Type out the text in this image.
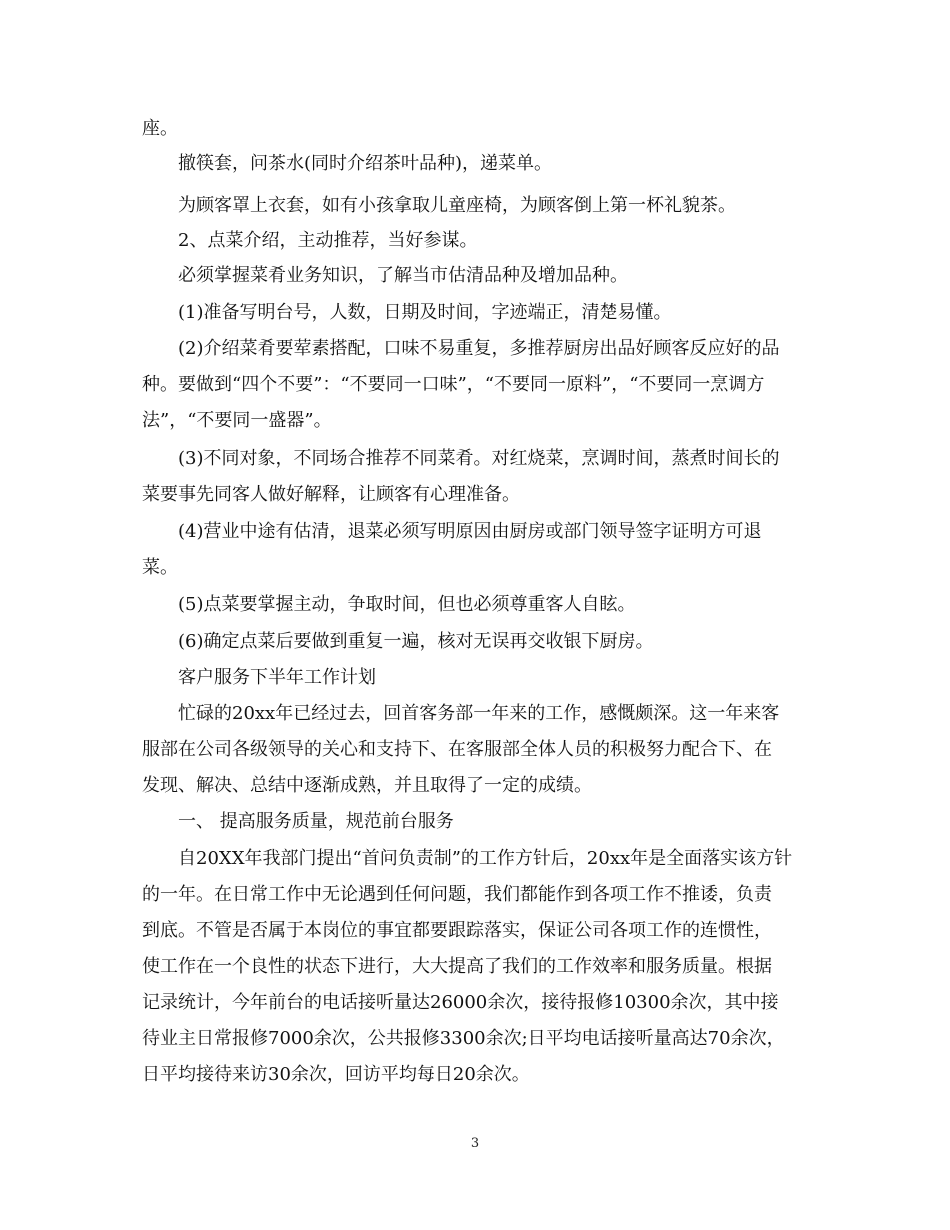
座。
撤筷套，问茶水(同时介绍茶叶品种)，递菜单。
为顾客罩上衣套，如有小孩拿取儿童座椅，为顾客倒上第一杯礼貌茶。
2、点菜介绍，主动推荐，当好参谋。
必须掌握菜肴业务知识，了解当市估清品种及增加品种。
(1)准备写明台号，人数，日期及时间，字迹端正，清楚易懂。
(2)介绍菜肴要荤素搭配，口味不易重复，多推荐厨房出品好顾客反应好的品
种。要做到“四个不要”：“不要同一口味”，“不要同一原料”，“不要同一烹调方
法”，“不要同一盛器”。
(3)不同对象，不同场合推荐不同菜肴。对红烧菜，烹调时间，蒸煮时间长的
菜要事先同客人做好解释，让顾客有心理准备。
(4)营业中途有估清，退菜必须写明原因由厨房或部门领导签字证明方可退
菜。
(5)点菜要掌握主动，争取时间，但也必须尊重客人自眩。
(6)确定点菜后要做到重复一遍，核对无误再交收银下厨房。
客户服务下半年工作计划
忙碌的20xx年已经过去，回首客务部一年来的工作，感慨颇深。这一年来客
服部在公司各级领导的关心和支持下、在客服部全体人员的积极努力配合下、在
发现、解决、总结中逐渐成熟，并且取得了一定的成绩。
一、 提高服务质量，规范前台服务
自20XX年我部门提出“首问负责制”的工作方针后，20xx年是全面落实该方针
的一年。在日常工作中无论遇到任何问题，我们都能作到各项工作不推诿，负责
到底。不管是否属于本岗位的事宜都要跟踪落实，保证公司各项工作的连惯性，
使工作在一个良性的状态下进行，大大提高了我们的工作效率和服务质量。根据
记录统计，今年前台的电话接听量达26000余次，接待报修10300余次，其中接
待业主日常报修7000余次，公共报修3300余次;日平均电话接听量高达70余次，
日平均接待来访30余次，回访平均每日20余次。
3
